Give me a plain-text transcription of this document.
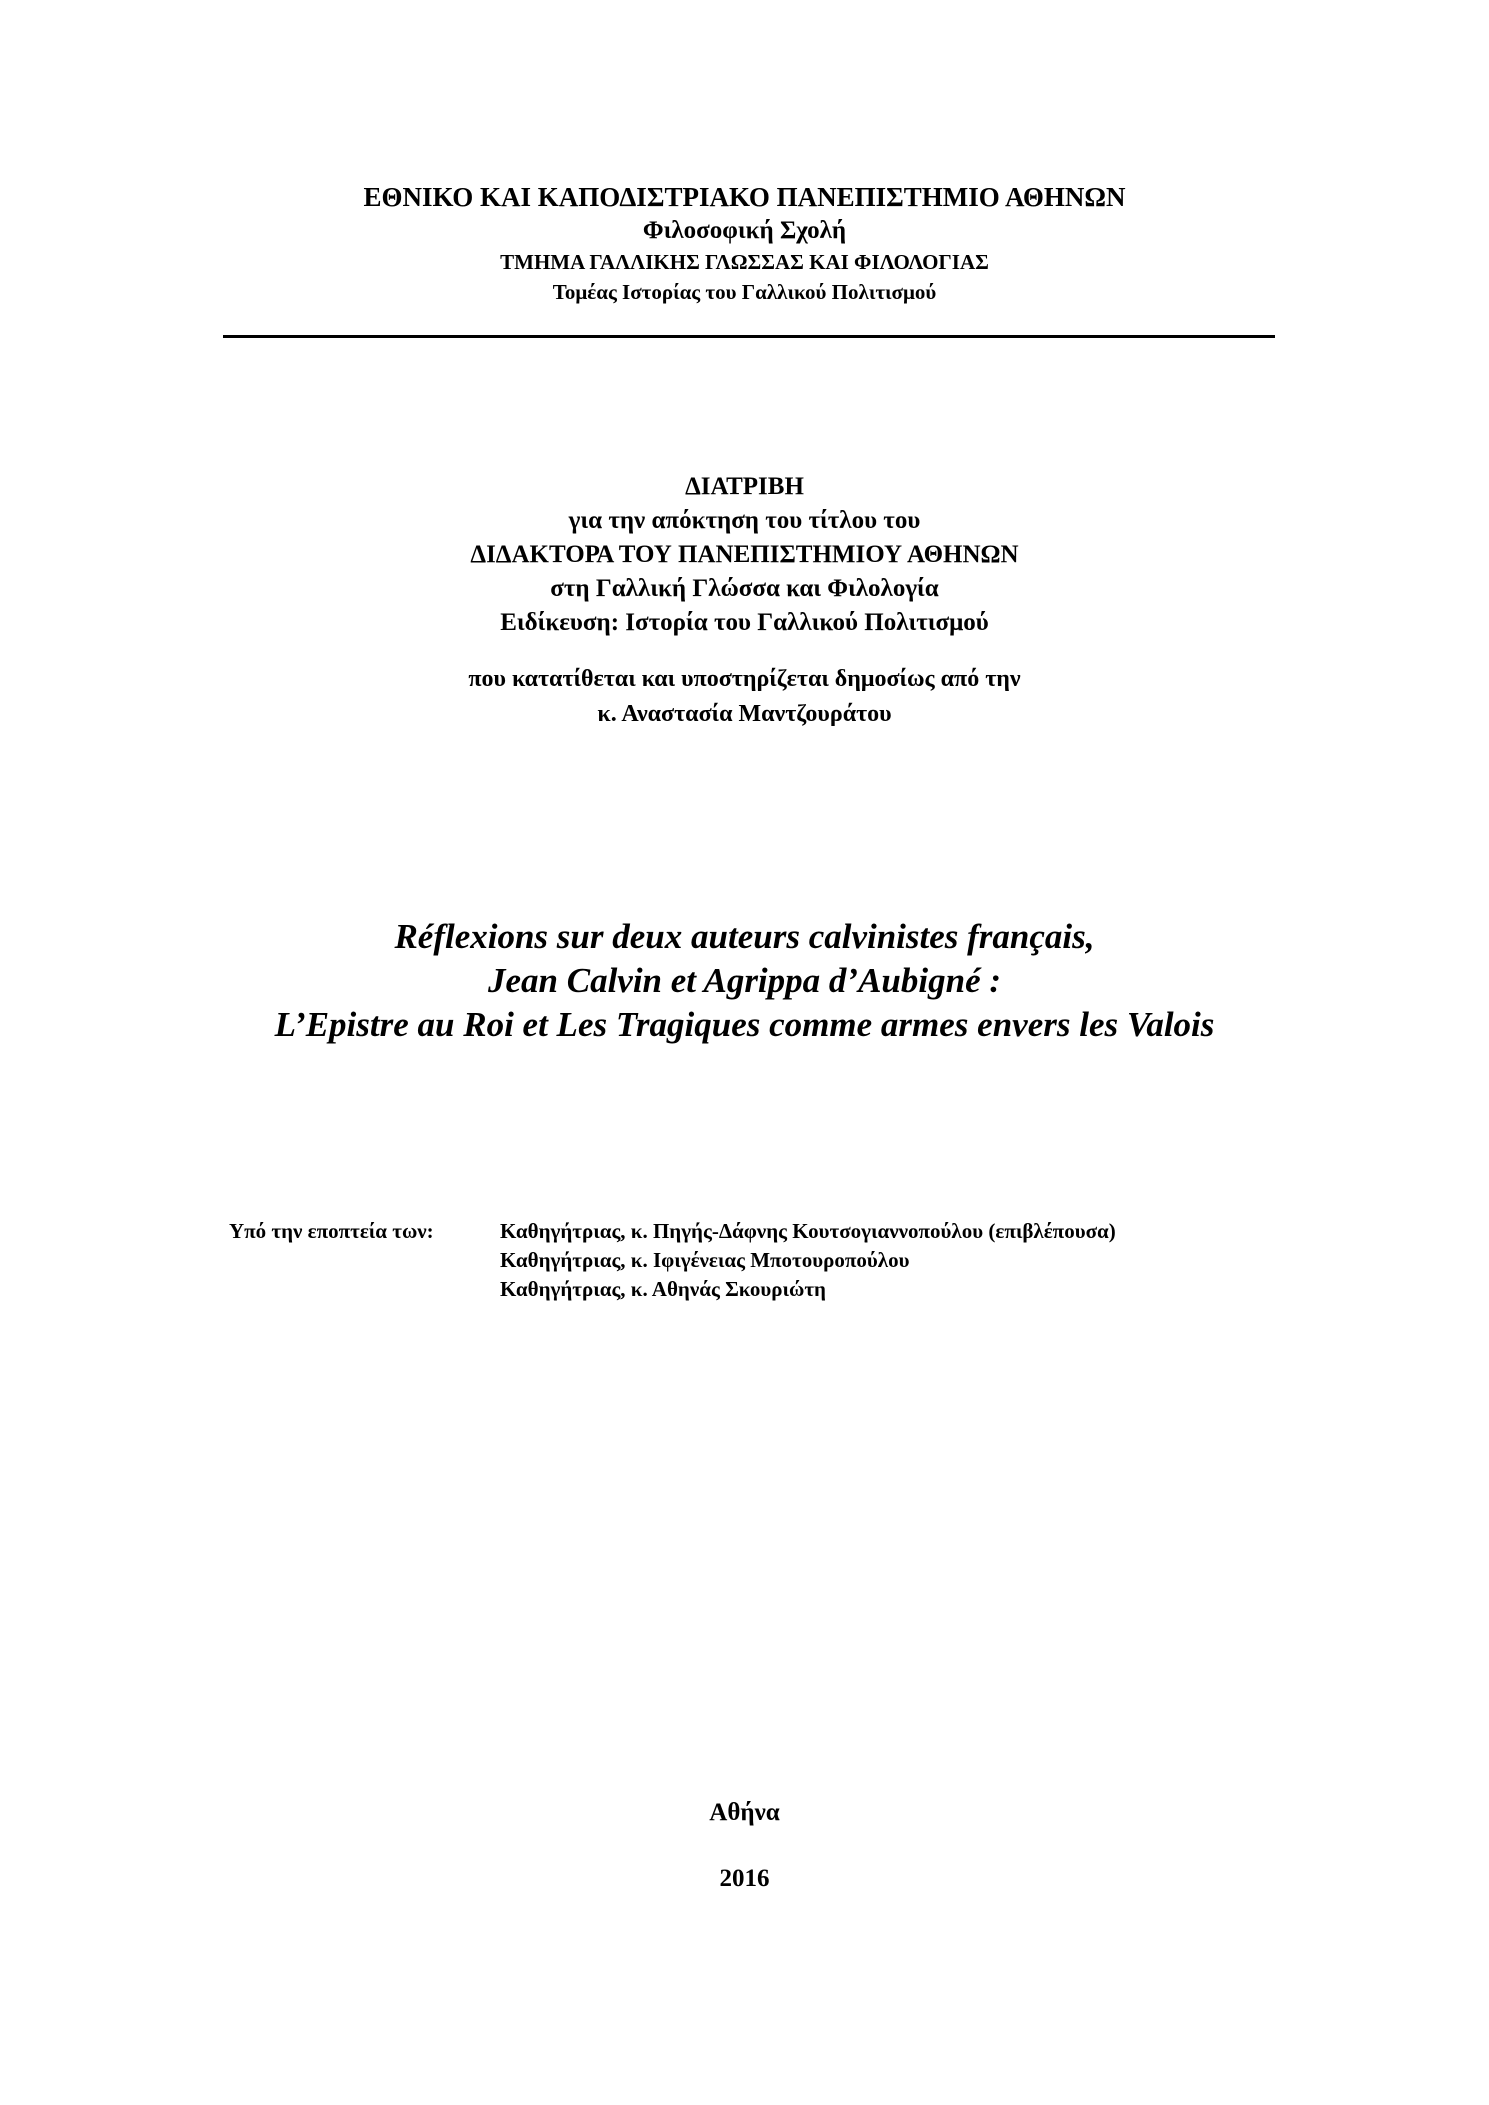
ΕΘΝΙΚΟ ΚΑΙ ΚΑΠΟΔΙΣΤΡΙΑΚΟ ΠΑΝΕΠΙΣΤΗΜΙΟ ΑΘΗΝΩΝ
Φιλοσοφική Σχολή
ΤΜΗΜΑ ΓΑΛΛΙΚΗΣ ΓΛΩΣΣΑΣ ΚΑΙ ΦΙΛΟΛΟΓΙΑΣ
Τομέας Ιστορίας του Γαλλικού Πολιτισμού
ΔΙΑΤΡΙΒΗ
για την απόκτηση του τίτλου του
ΔΙΔΑΚΤΟΡΑ ΤΟΥ ΠΑΝΕΠΙΣΤΗΜΙΟΥ ΑΘΗΝΩΝ
στη Γαλλική Γλώσσα και Φιλολογία
Ειδίκευση: Ιστορία του Γαλλικού Πολιτισμού
που κατατίθεται και υποστηρίζεται δημοσίως από την
κ. Αναστασία Μαντζουράτου
Réflexions sur deux auteurs calvinistes français,
Jean Calvin et Agrippa d’Aubigné :
L’Epistre au Roi et Les Tragiques comme armes envers les Valois
Υπό την εποπτεία των:	Καθηγήτριας, κ. Πηγής-Δάφνης Κουτσογιαννοπούλου (επιβλέπουσα)
Καθηγήτριας, κ. Ιφιγένειας Μποτουροπούλου
Καθηγήτριας, κ. Αθηνάς Σκουριώτη
Αθήνα
2016
